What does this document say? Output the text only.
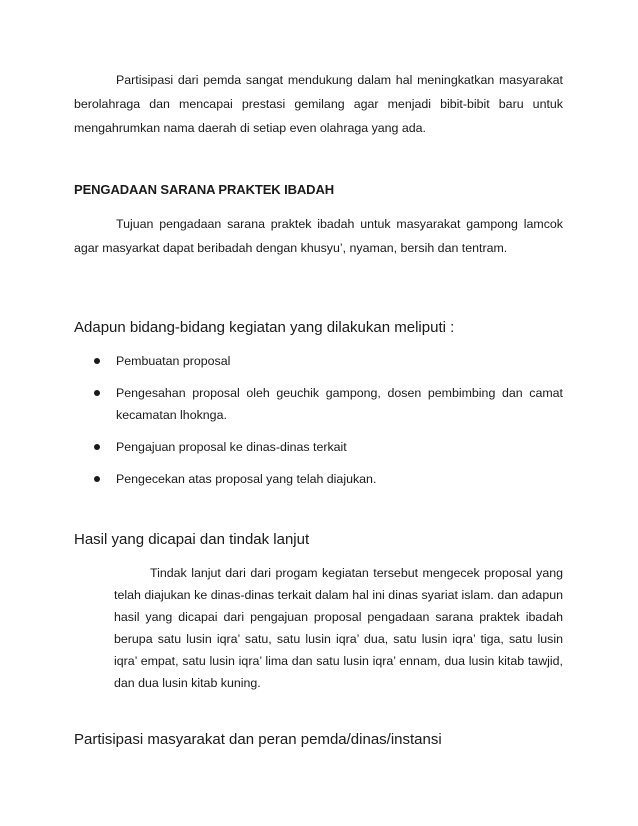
Partisipasi dari pemda sangat mendukung dalam hal meningkatkan masyarakat berolahraga dan mencapai prestasi gemilang agar menjadi bibit-bibit baru untuk mengahrumkan nama daerah di setiap even olahraga yang ada.

PENGADAAN SARANA PRAKTEK IBADAH

Tujuan pengadaan sarana praktek ibadah untuk masyarakat gampong lamcok agar masyarkat dapat beribadah dengan khusyu’, nyaman, bersih dan tentram.

Adapun bidang-bidang kegiatan yang dilakukan meliputi :
Pembuatan proposal
Pengesahan proposal oleh geuchik gampong, dosen pembimbing dan camat kecamatan lhoknga.
Pengajuan proposal ke dinas-dinas terkait
Pengecekan atas proposal yang telah diajukan.
Hasil yang dicapai dan tindak lanjut

Tindak lanjut dari dari progam kegiatan tersebut mengecek proposal yang telah diajukan ke dinas-dinas terkait dalam hal ini dinas syariat islam. dan adapun hasil yang dicapai dari pengajuan proposal pengadaan sarana praktek ibadah berupa satu lusin iqra’ satu, satu lusin iqra’ dua, satu lusin iqra’ tiga, satu lusin iqra’ empat, satu lusin iqra’ lima dan satu lusin iqra’ ennam, dua lusin kitab tawjid, dan dua lusin kitab kuning.

Partisipasi masyarakat dan peran pemda/dinas/instansi
